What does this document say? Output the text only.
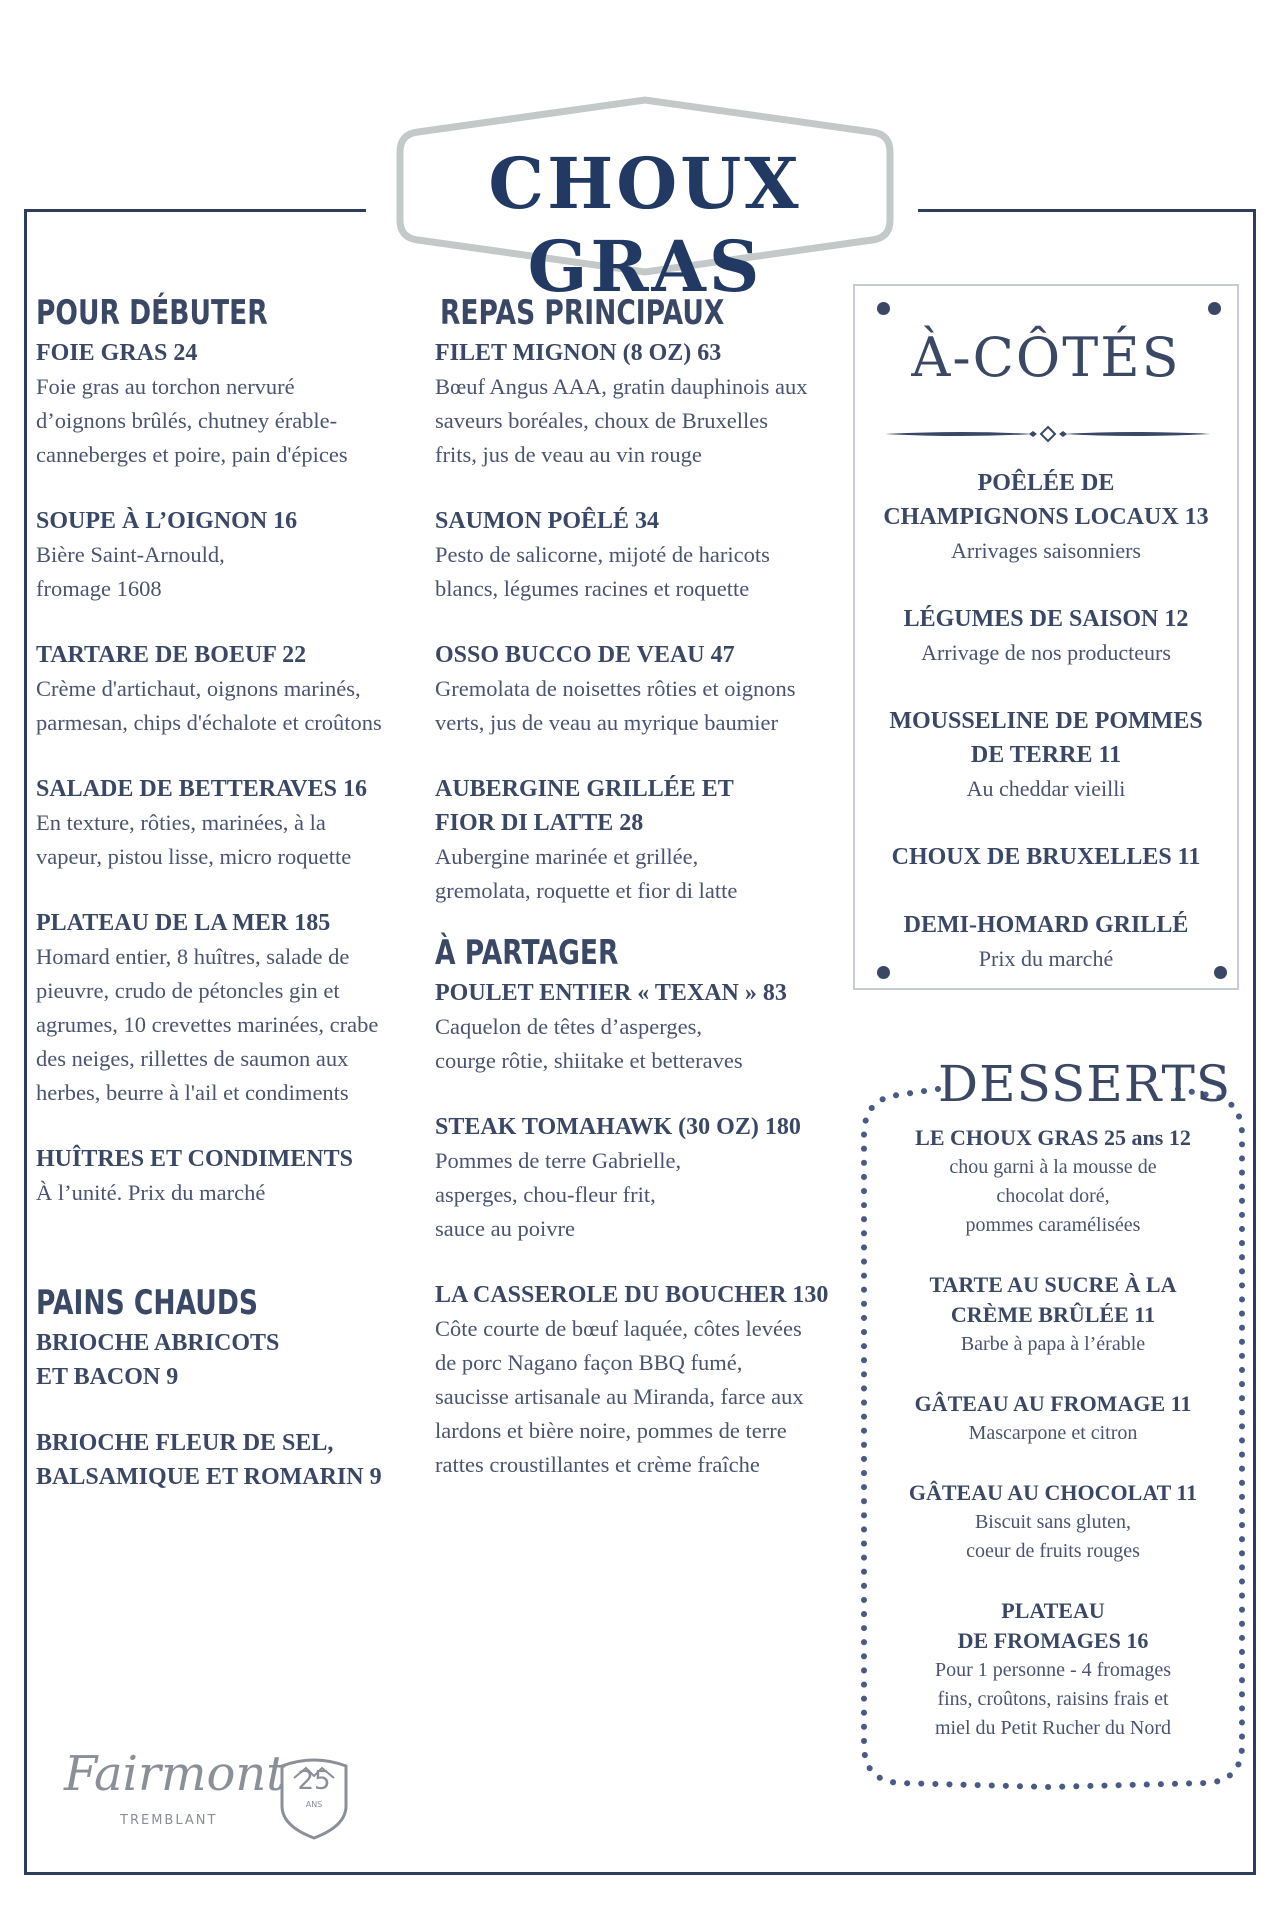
CHOUX GRAS
POUR DÉBUTER
FOIE GRAS 24
Foie gras au torchon nervuré
d’oignons brûlés, chutney érable-
canneberges et poire, pain d'épices
SOUPE À L’OIGNON 16
Bière Saint-Arnould,
fromage 1608
TARTARE DE BOEUF 22
Crème d'artichaut, oignons marinés,
parmesan, chips d'échalote et croûtons
SALADE DE BETTERAVES 16
En texture, rôties, marinées, à la
vapeur, pistou lisse, micro roquette
PLATEAU DE LA MER 185
Homard entier, 8 huîtres, salade de
pieuvre, crudo de pétoncles gin et
agrumes, 10 crevettes marinées, crabe
des neiges, rillettes de saumon aux
herbes, beurre à l'ail et condiments
HUÎTRES ET CONDIMENTS
À l’unité. Prix du marché
PAINS CHAUDS
BRIOCHE ABRICOTS
ET BACON 9
BRIOCHE FLEUR DE SEL,
BALSAMIQUE ET ROMARIN 9
REPAS PRINCIPAUX
FILET MIGNON (8 OZ) 63
Bœuf Angus AAA, gratin dauphinois aux
saveurs boréales, choux de Bruxelles
frits, jus de veau au vin rouge
SAUMON POÊLÉ 34
Pesto de salicorne, mijoté de haricots
blancs, légumes racines et roquette
OSSO BUCCO DE VEAU 47
Gremolata de noisettes rôties et oignons
verts, jus de veau au myrique baumier
AUBERGINE GRILLÉE ET
FIOR DI LATTE 28
Aubergine marinée et grillée,
gremolata, roquette et fior di latte
À PARTAGER
POULET ENTIER « TEXAN » 83
Caquelon de têtes d’asperges,
courge rôtie, shiitake et betteraves
STEAK TOMAHAWK (30 OZ) 180
Pommes de terre Gabrielle,
asperges, chou-fleur frit,
sauce au poivre
LA CASSEROLE DU BOUCHER 130
Côte courte de bœuf laquée, côtes levées
de porc Nagano façon BBQ fumé,
saucisse artisanale au Miranda, farce aux
lardons et bière noire, pommes de terre
rattes croustillantes et crème fraîche
À-CÔTÉS
POÊLÉE DE
CHAMPIGNONS LOCAUX 13
Arrivages saisonniers
LÉGUMES DE SAISON 12
Arrivage de nos producteurs
MOUSSELINE DE POMMES
DE TERRE 11
Au cheddar vieilli
CHOUX DE BRUXELLES 11
DEMI-HOMARD GRILLÉ
Prix du marché
DESSERTS
LE CHOUX GRAS 25 ans 12
chou garni à la mousse de
chocolat doré,
pommes caramélisées
TARTE AU SUCRE À LA
CRÈME BRÛLÉE 11
Barbe à papa à l’érable
GÂTEAU AU FROMAGE 11
Mascarpone et citron
GÂTEAU AU CHOCOLAT 11
Biscuit sans gluten,
coeur de fruits rouges
PLATEAU
DE FROMAGES 16
Pour 1 personne - 4 fromages
fins, croûtons, raisins frais et
miel du Petit Rucher du Nord
Fairmont
TREMBLANT
25
ANS
